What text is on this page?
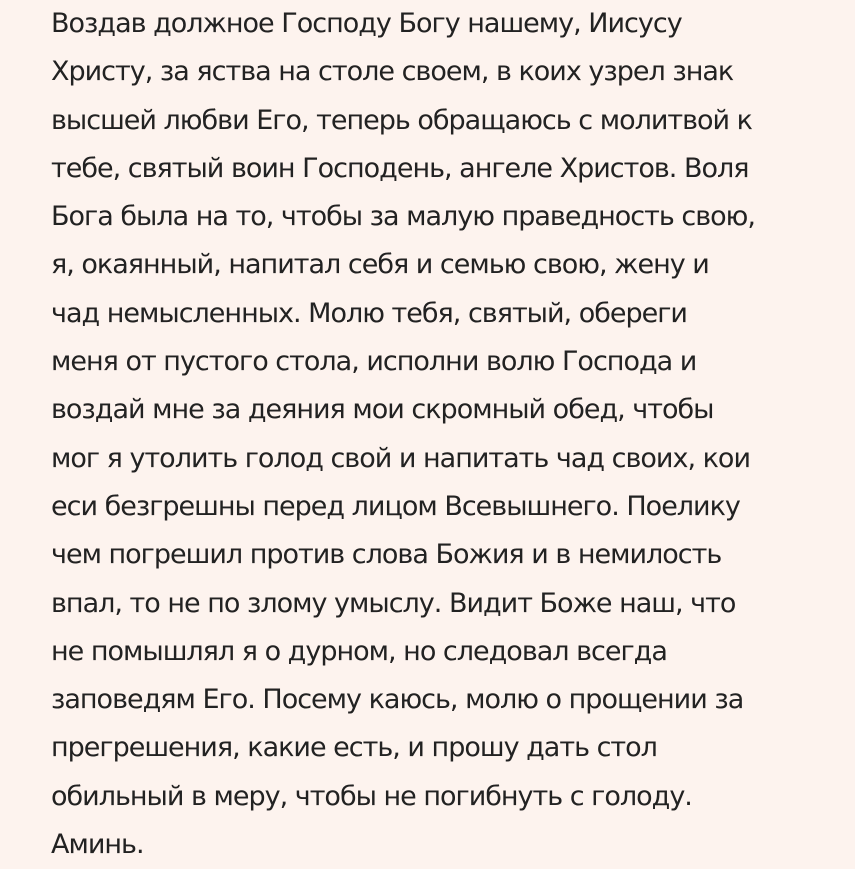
Воздав должное Господу Богу нашему, Иисусу
Христу, за яства на столе своем, в коих узрел знак
высшей любви Его, теперь обращаюсь с молитвой к
тебе, святый воин Господень, ангеле Христов. Воля
Бога была на то, чтобы за малую праведность свою,
я, окаянный, напитал себя и семью свою, жену и
чад немысленных. Молю тебя, святый, обереги
меня от пустого стола, исполни волю Господа и
воздай мне за деяния мои скромный обед, чтобы
мог я утолить голод свой и напитать чад своих, кои
еси безгрешны перед лицом Всевышнего. Поелику
чем погрешил против слова Божия и в немилость
впал, то не по злому умыслу. Видит Боже наш, что
не помышлял я о дурном, но следовал всегда
заповедям Его. Посему каюсь, молю о прощении за
прегрешения, какие есть, и прошу дать стол
обильный в меру, чтобы не погибнуть с голоду.
Аминь.
